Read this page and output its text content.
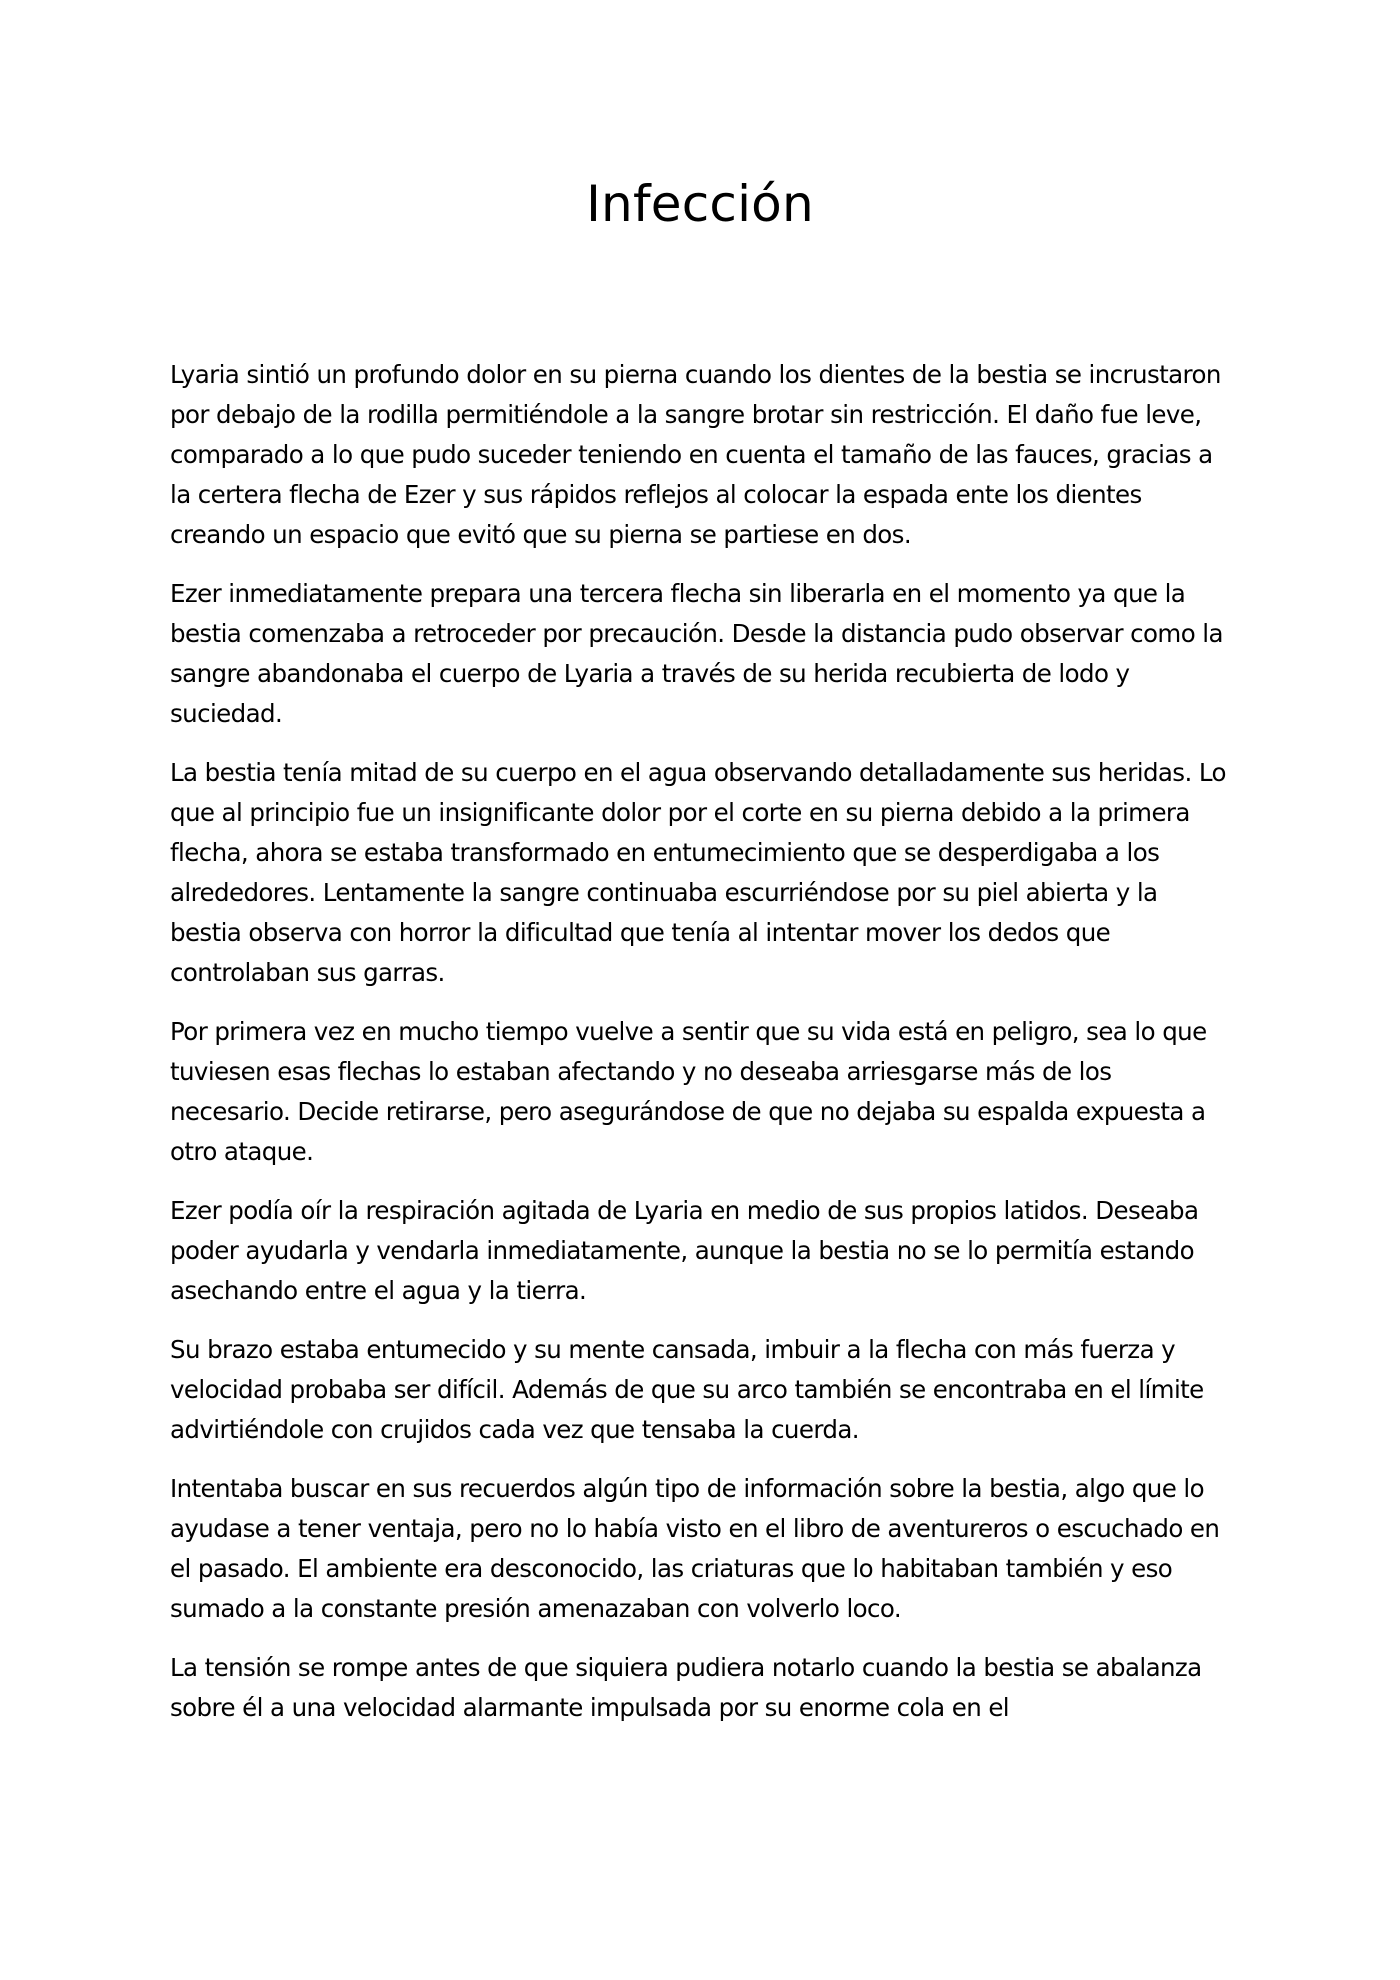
Infección

Lyaria sintió un profundo dolor en su pierna cuando los dientes de la bestia se incrustaron por debajo de la rodilla permitiéndole a la sangre brotar sin restricción. El daño fue leve, comparado a lo que pudo suceder teniendo en cuenta el tamaño de las fauces, gracias a la certera flecha de Ezer y sus rápidos reflejos al colocar la espada ente los dientes creando un espacio que evitó que su pierna se partiese en dos.

Ezer inmediatamente prepara una tercera flecha sin liberarla en el momento ya que la bestia comenzaba a retroceder por precaución. Desde la distancia pudo observar como la sangre abandonaba el cuerpo de Lyaria a través de su herida recubierta de lodo y suciedad.

La bestia tenía mitad de su cuerpo en el agua observando detalladamente sus heridas. Lo que al principio fue un insignificante dolor por el corte en su pierna debido a la primera flecha, ahora se estaba transformado en entumecimiento que se desperdigaba a los alrededores. Lentamente la sangre continuaba escurriéndose por su piel abierta y la bestia observa con horror la dificultad que tenía al intentar mover los dedos que controlaban sus garras.

Por primera vez en mucho tiempo vuelve a sentir que su vida está en peligro, sea lo que tuviesen esas flechas lo estaban afectando y no deseaba arriesgarse más de los necesario. Decide retirarse, pero asegurándose de que no dejaba su espalda expuesta a otro ataque.

Ezer podía oír la respiración agitada de Lyaria en medio de sus propios latidos. Deseaba poder ayudarla y vendarla inmediatamente, aunque la bestia no se lo permitía estando asechando entre el agua y la tierra.

Su brazo estaba entumecido y su mente cansada, imbuir a la flecha con más fuerza y velocidad probaba ser difícil. Además de que su arco también se encontraba en el límite advirtiéndole con crujidos cada vez que tensaba la cuerda.

Intentaba buscar en sus recuerdos algún tipo de información sobre la bestia, algo que lo ayudase a tener ventaja, pero no lo había visto en el libro de aventureros o escuchado en el pasado. El ambiente era desconocido, las criaturas que lo habitaban también y eso sumado a la constante presión amenazaban con volverlo loco.

La tensión se rompe antes de que siquiera pudiera notarlo cuando la bestia se abalanza sobre él a una velocidad alarmante impulsada por su enorme cola en el
